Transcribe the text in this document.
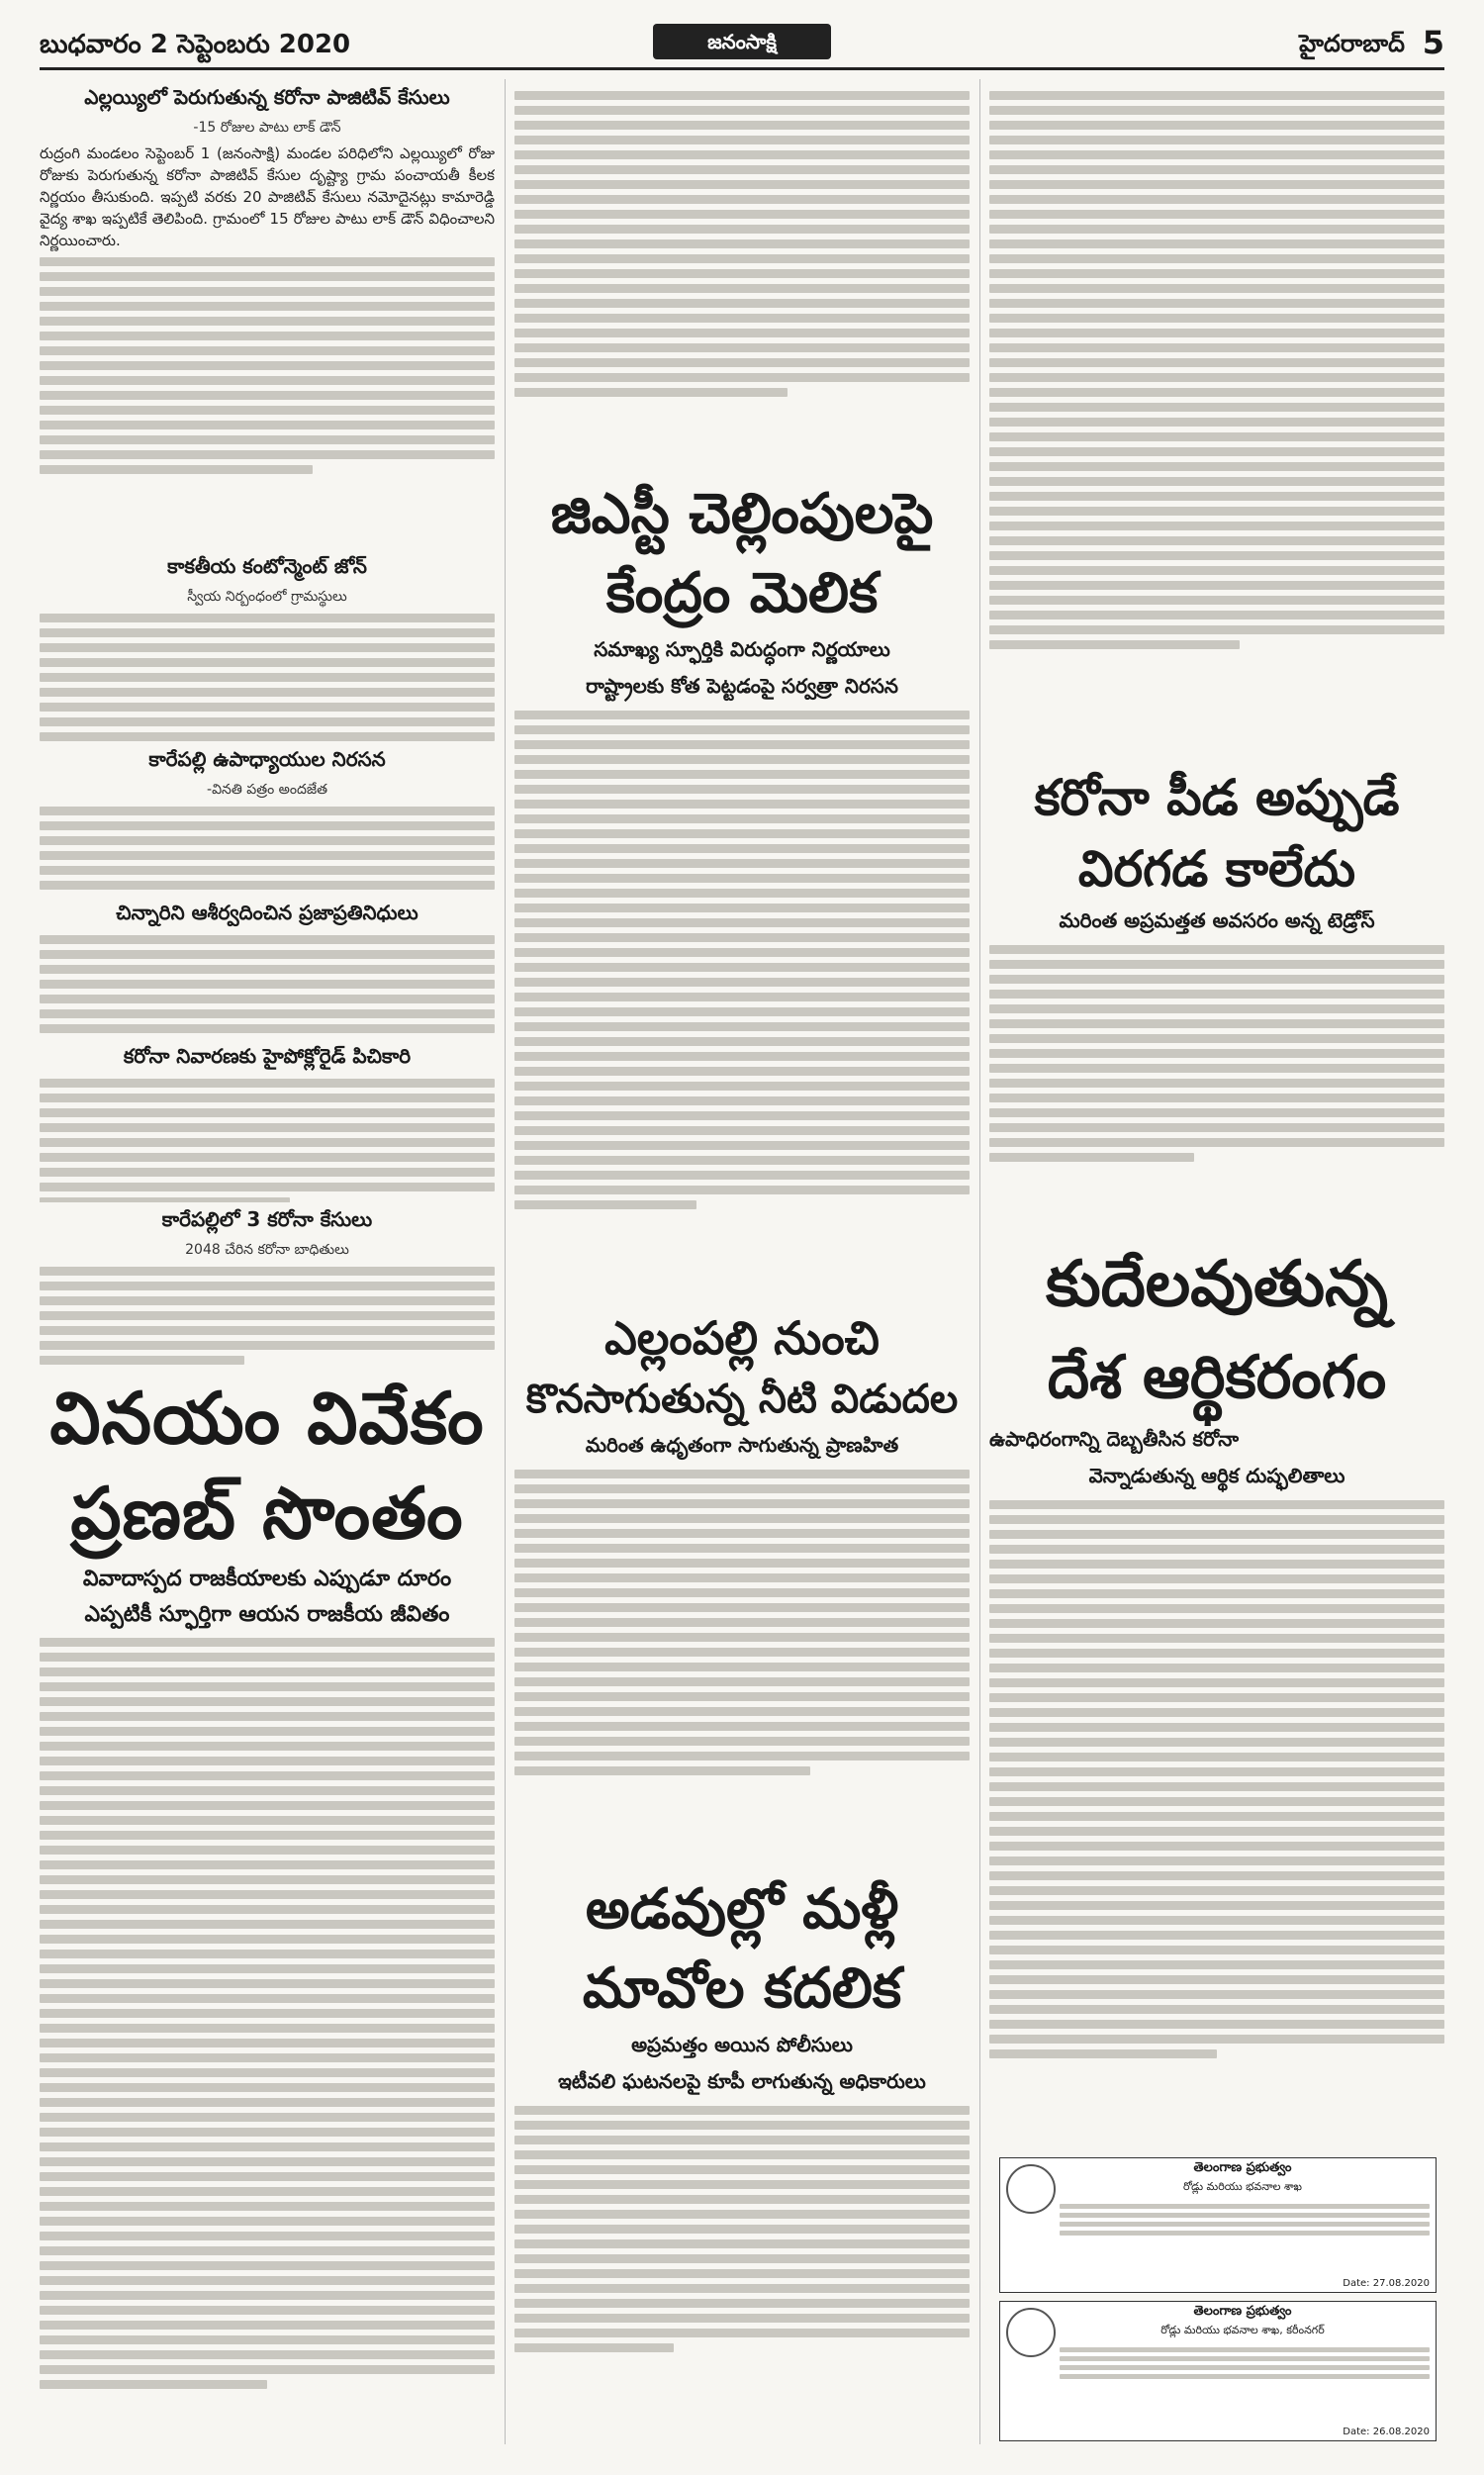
బుధవారం 2 సెప్టెంబరు 2020	జనంసాక్షి	హైదరాబాద్ 5

ఎల్లయ్యిలో పెరుగుతున్న కరోనా పాజిటివ్ కేసులు

-15 రోజుల పాటు లాక్ డౌన్

రుద్రంగి మండలం సెప్టెంబర్ 1 (జనంసాక్షి) మండల పరిధిలోని ఎల్లయ్యిలో రోజు రోజుకు పెరుగుతున్న కరోనా పాజిటివ్ కేసుల దృష్ట్యా గ్రామ పంచాయతీ కీలక నిర్ణయం తీసుకుంది. ఇప్పటి వరకు 20 పాజిటివ్ కేసులు నమోదైనట్లు కామారెడ్డి వైద్య శాఖ ఇప్పటికే తెలిపింది. గ్రామంలో 15 రోజుల పాటు లాక్ డౌన్ విధించాలని నిర్ణయించారు.

కాకతీయ కంటోన్మెంట్ జోన్

స్వీయ నిర్బంధంలో గ్రామస్థులు

కారేపల్లి ఉపాధ్యాయుల నిరసన

-వినతి పత్రం అందజేత

చిన్నారిని ఆశీర్వదించిన ప్రజాప్రతినిధులు

కరోనా నివారణకు హైపోక్లోరైడ్ పిచికారి

కారేపల్లిలో 3 కరోనా కేసులు

2048 చేరిన కరోనా బాధితులు

వినయం వివేకం

ప్రణబ్ సొంతం

వివాదాస్పద రాజకీయాలకు ఎప్పుడూ దూరం

ఎప్పటికీ స్ఫూర్తిగా ఆయన రాజకీయ జీవితం

జిఎస్టీ చెల్లింపులపై

కేంద్రం మెలిక

సమాఖ్య స్ఫూర్తికి విరుద్ధంగా నిర్ణయాలు

రాష్ట్రాలకు కోత పెట్టడంపై సర్వత్రా నిరసన

ఎల్లంపల్లి నుంచి

కొనసాగుతున్న నీటి విడుదల

మరింత ఉధృతంగా సాగుతున్న ప్రాణహిత

అడవుల్లో మళ్లీ

మావోల కదలిక

అప్రమత్తం అయిన పోలీసులు

ఇటీవలి ఘటనలపై కూపీ లాగుతున్న అధికారులు

కరోనా పీడ అప్పుడే

విరగడ కాలేదు

మరింత అప్రమత్తత అవసరం అన్న టెడ్రోస్

కుదేలవుతున్న

దేశ ఆర్థికరంగం

ఉపాధిరంగాన్ని దెబ్బతీసిన కరోనా

వెన్నాడుతున్న ఆర్థిక దుష్ఫలితాలు

తెలంగాణ ప్రభుత్వం
రోడ్లు మరియు భవనాల శాఖ
Date: 27.08.2020
తెలంగాణ ప్రభుత్వం
రోడ్లు మరియు భవనాల శాఖ, కరీంనగర్
Date: 26.08.2020
